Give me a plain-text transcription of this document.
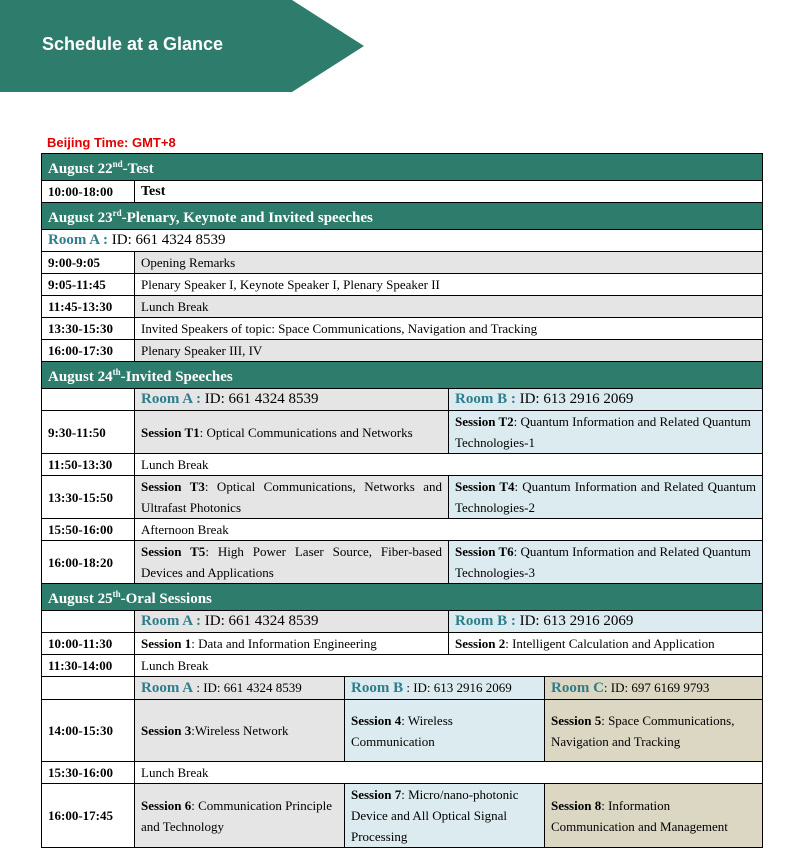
Schedule at a Glance
Beijing Time: GMT+8
August 22nd-Test				
10:00-18:00	Test			
August 23rd-Plenary, Keynote and Invited speeches				
Room A : ID: 661 4324 8539				
9:00-9:05	Opening Remarks			
9:05-11:45	Plenary Speaker I, Keynote Speaker I, Plenary Speaker II			
11:45-13:30	Lunch Break			
13:30-15:30	Invited Speakers of topic: Space Communications, Navigation and Tracking			
16:00-17:30	Plenary Speaker III, IV			
August 24th-Invited Speeches				
	Room A : ID: 661 4324 8539		Room B : ID: 613 2916 2069	
9:30-11:50	Session T1: Optical Communications and Networks		Session T2: Quantum Information and Related Quantum Technologies-1	
11:50-13:30	Lunch Break			
13:30-15:50	Session T3: Optical Communications, Networks and Ultrafast Photonics		Session T4: Quantum Information and Related Quantum Technologies-2	
15:50-16:00	Afternoon Break			
16:00-18:20	Session T5: High Power Laser Source, Fiber-based Devices and Applications		Session T6: Quantum Information and Related Quantum Technologies-3	
August 25th-Oral Sessions				
	Room A : ID: 661 4324 8539		Room B : ID: 613 2916 2069	
10:00-11:30	Session 1: Data and Information Engineering		Session 2: Intelligent Calculation and Application	
11:30-14:00	Lunch Break			
	Room A : ID: 661 4324 8539	Room B : ID: 613 2916 2069		Room C: ID: 697 6169 9793
14:00-15:30	Session 3:Wireless Network	Session 4: Wireless Communication		Session 5: Space Communications, Navigation and Tracking
15:30-16:00	Lunch Break			
16:00-17:45	Session 6: Communication Principle and Technology	Session 7: Micro/nano-photonic Device and All Optical Signal Processing		Session 8: Information Communication and Management
